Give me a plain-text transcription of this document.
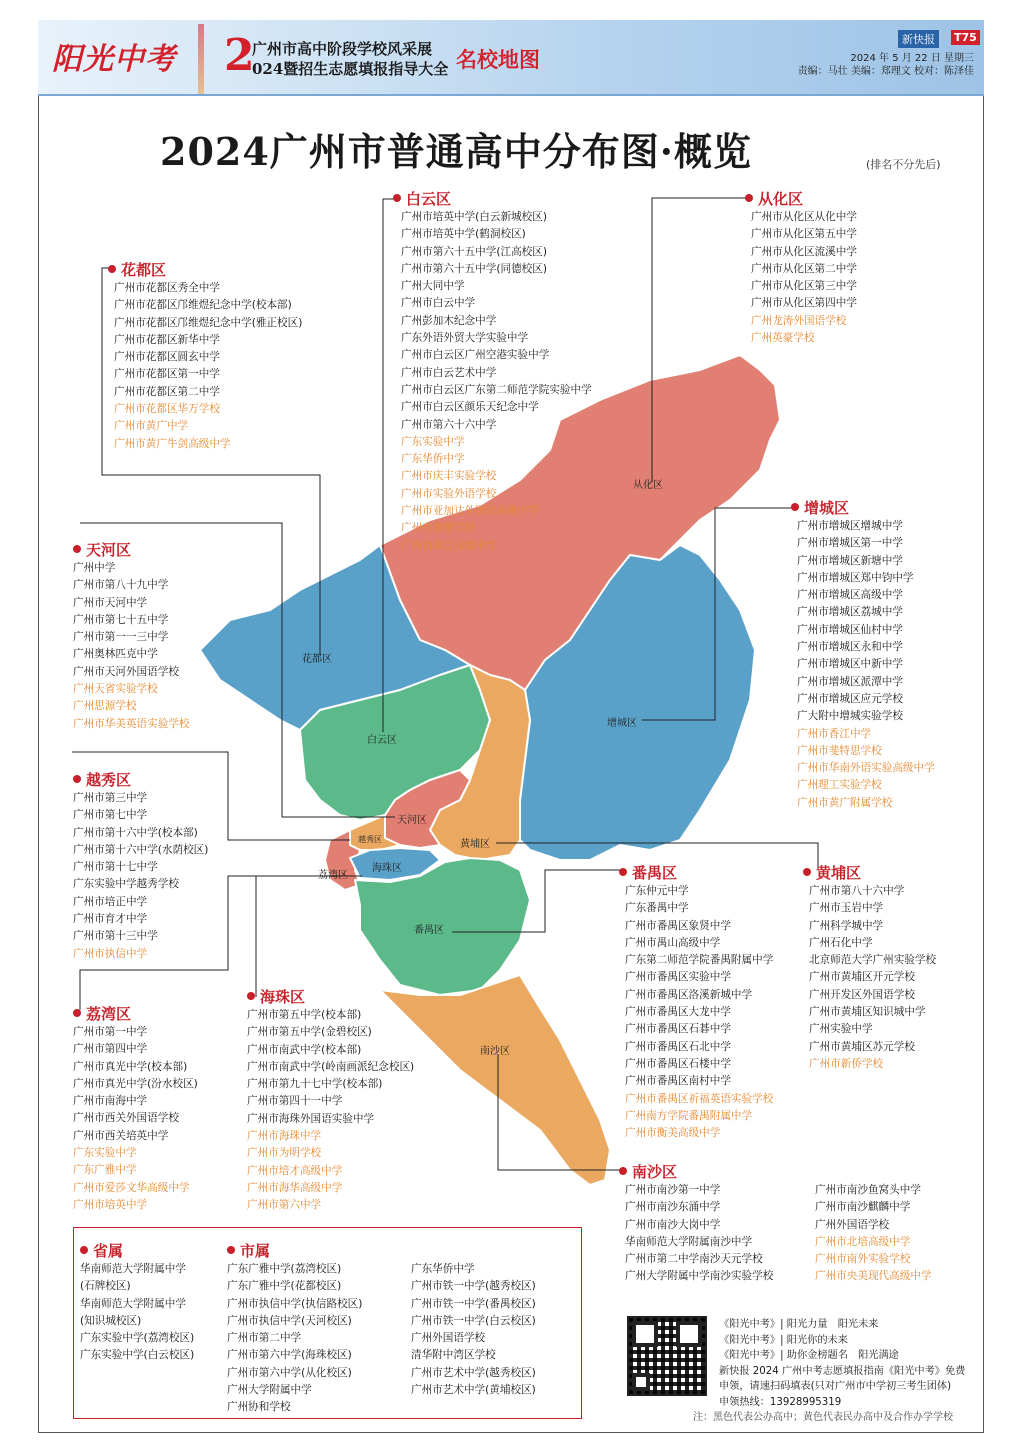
阳光中考 2
广州市高中阶段学校风采展
024暨招生志愿填报指导大全 名校地图
新快报	T75
2024 年 5 月 22 日 星期三
责编：马壮 美编：郑理文 校对：陈泽佳
2024广州市普通高中分布图·概览	(排名不分先后)
从化区
花都区
白云区
增城区
天河区
越秀区
荔湾区
海珠区
黄埔区
番禺区
南沙区
白云区
广州市培英中学(白云新城校区)
广州市培英中学(鹤洞校区)
广州市第六十五中学(江高校区)
广州市第六十五中学(同德校区)
广州大同中学
广州市白云中学
广州彭加木纪念中学
广东外语外贸大学实验中学
广州市白云区广州空港实验中学
广州市白云艺术中学
广州市白云区广东第二师范学院实验中学
广州市白云区颜乐天纪念中学
广州市第六十六中学
广东实验中学
广东华侨中学
广州市庆丰实验学校
广州市实验外语学校
广州市亚加达外国语高级中学
广州市源雅学校
广州市珠江高级中学
从化区
广州市从化区从化中学
广州市从化区第五中学
广州市从化区流溪中学
广州市从化区第二中学
广州市从化区第三中学
广州市从化区第四中学
广州龙涛外国语学校
广州英豪学校
花都区
广州市花都区秀全中学
广州市花都区邝维煜纪念中学(校本部)
广州市花都区邝维煜纪念中学(雅正校区)
广州市花都区新华中学
广州市花都区圆玄中学
广州市花都区第一中学
广州市花都区第二中学
广州市花都区华万学校
广州市黄广中学
广州市黄广牛剑高级中学
天河区
广州中学
广州市第八十九中学
广州市天河中学
广州市第七十五中学
广州市第一一三中学
广州奥林匹克中学
广州市天河外国语学校
广州天省实验学校
广州思源学校
广州市华美英语实验学校
增城区
广州市增城区增城中学
广州市增城区第一中学
广州市增城区新塘中学
广州市增城区郑中钧中学
广州市增城区高级中学
广州市增城区荔城中学
广州市增城区仙村中学
广州市增城区永和中学
广州市增城区中新中学
广州市增城区派潭中学
广州市增城区应元学校
广大附中增城实验学校
广州市香江中学
广州市斐特思学校
广州市华南外语实验高级中学
广州理工实验学校
广州市黄广附属学校
越秀区
广州市第三中学
广州市第七中学
广州市第十六中学(校本部)
广州市第十六中学(水荫校区)
广州市第十七中学
广东实验中学越秀学校
广州市培正中学
广州市育才中学
广州市第十三中学
广州市执信中学
番禺区
广东仲元中学
广东番禺中学
广州市番禺区象贤中学
广州市禺山高级中学
广东第二师范学院番禺附属中学
广州市番禺区实验中学
广州市番禺区洛溪新城中学
广州市番禺区大龙中学
广州市番禺区石碁中学
广州市番禺区石北中学
广州市番禺区石楼中学
广州市番禺区南村中学
广州市番禺区祈福英语实验学校
广州南方学院番禺附属中学
广州市衡美高级中学
黄埔区
广州市第八十六中学
广州市玉岩中学
广州科学城中学
广州石化中学
北京师范大学广州实验学校
广州市黄埔区开元学校
广州开发区外国语学校
广州市黄埔区知识城中学
广州实验中学
广州市黄埔区苏元学校
广州市新侨学校
荔湾区
广州市第一中学
广州市第四中学
广州市真光中学(校本部)
广州市真光中学(汾水校区)
广州市南海中学
广州市西关外国语学校
广州市西关培英中学
广东实验中学
广东广雅中学
广州市爱莎文华高级中学
广州市培英中学
海珠区
广州市第五中学(校本部)
广州市第五中学(金碧校区)
广州市南武中学(校本部)
广州市南武中学(岭南画派纪念校区)
广州市第九十七中学(校本部)
广州市第四十一中学
广州市海珠外国语实验中学
广州市海珠中学
广州市为明学校
广州市培才高级中学
广州市海华高级中学
广州市第六中学
南沙区
广州市南沙第一中学
广州市南沙东涌中学
广州市南沙大岗中学
华南师范大学附属南沙中学
广州市第二中学南沙天元学校
广州大学附属中学南沙实验学校
广州市南沙鱼窝头中学
广州市南沙麒麟中学
广州外国语学校
广州市北培高级中学
广州市南外实验学校
广州市央美现代高级中学
省属
华南师范大学附属中学
(石牌校区)
华南师范大学附属中学
(知识城校区)
广东实验中学(荔湾校区)
广东实验中学(白云校区)
市属
广东广雅中学(荔湾校区)
广东广雅中学(花都校区)
广州市执信中学(执信路校区)
广州市执信中学(天河校区)
广州市第二中学
广州市第六中学(海珠校区)
广州市第六中学(从化校区)
广州大学附属中学
广州协和学校
广东华侨中学
广州市铁一中学(越秀校区)
广州市铁一中学(番禺校区)
广州市铁一中学(白云校区)
广州外国语学校
清华附中湾区学校
广州市艺术中学(越秀校区)
广州市艺术中学(黄埔校区)
《阳光中考》| 阳光力量　阳光未来
《阳光中考》| 阳光你的未来
《阳光中考》| 助你金榜题名　阳光满途
新快报 2024 广州中考志愿填报指南《阳光中考》免费
申领，请速扫码填表(只对广州市中学初三考生团体)
申领热线：13928995319
注：黑色代表公办高中；黄色代表民办高中及合作办学学校
